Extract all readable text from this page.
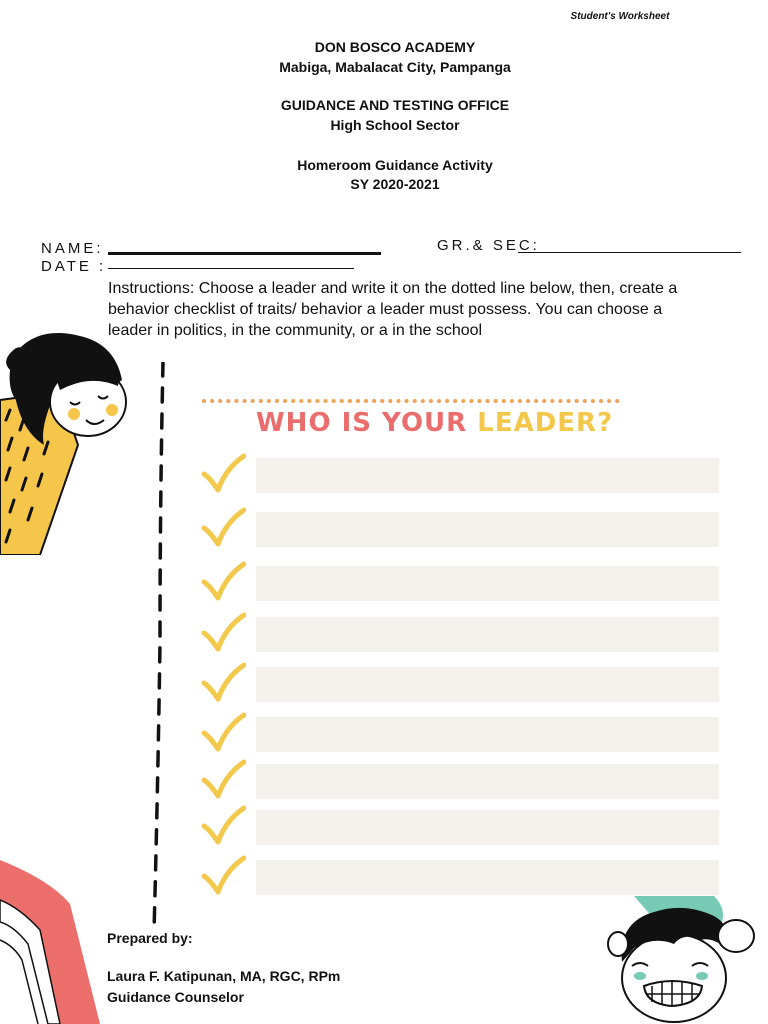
Student's Worksheet
DON BOSCO ACADEMY
Mabiga, Mabalacat City, Pampanga
GUIDANCE AND TESTING OFFICE
High School Sector
Homeroom Guidance Activity
SY 2020-2021
NAME:
DATE :
GR.& SEC:
Instructions: Choose a leader and write it on the dotted line below, then, create a behavior checklist of traits/ behavior a leader must possess. You can choose a leader in politics, in the community, or a in the school
WHO IS YOUR LEADER?
Prepared by:
Laura F. Katipunan, MA, RGC, RPm
Guidance Counselor
